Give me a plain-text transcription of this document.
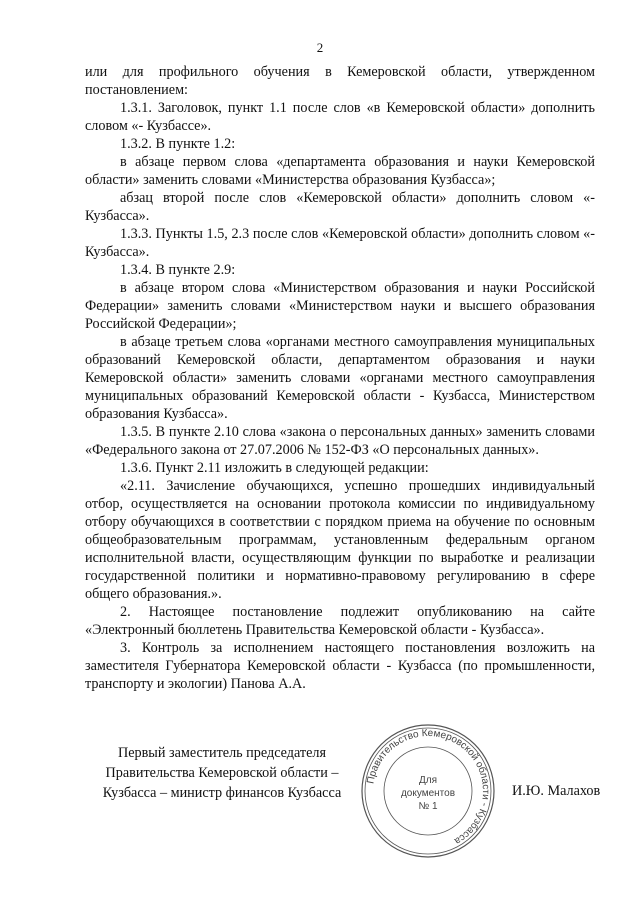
2

или для профильного обучения в Кемеровской области, утвержденном постановлением:

1.3.1. Заголовок, пункт 1.1 после слов «в Кемеровской области» дополнить словом «- Кузбассе».

1.3.2. В пункте 1.2:

в абзаце первом слова «департамента образования и науки Кемеровской области» заменить словами «Министерства образования Кузбасса»;

абзац второй после слов «Кемеровской области» дополнить словом «- Кузбасса».

1.3.3. Пункты 1.5, 2.3 после слов «Кемеровской области» дополнить словом «- Кузбасса».

1.3.4. В пункте 2.9:

в абзаце втором слова «Министерством образования и науки Российской Федерации» заменить словами «Министерством науки и высшего образования Российской Федерации»;

в абзаце третьем слова «органами местного самоуправления муниципальных образований Кемеровской области, департаментом образования и науки Кемеровской области» заменить словами «органами местного самоуправления муниципальных образований Кемеровской области - Кузбасса, Министерством образования Кузбасса».

1.3.5. В пункте 2.10 слова «закона о персональных данных» заменить словами «Федерального закона от 27.07.2006 № 152-ФЗ «О персональных данных».

1.3.6. Пункт 2.11 изложить в следующей редакции:

«2.11. Зачисление обучающихся, успешно прошедших индивидуальный отбор, осуществляется на основании протокола комиссии по индивидуальному отбору обучающихся в соответствии с порядком приема на обучение по основным общеобразовательным программам, установленным федеральным органом исполнительной власти, осуществляющим функции по выработке и реализации государственной политики и нормативно-правовому регулированию в сфере общего образования.».

2. Настоящее постановление подлежит опубликованию на сайте «Электронный бюллетень Правительства Кемеровской области - Кузбасса».

3. Контроль за исполнением настоящего постановления возложить на заместителя Губернатора Кемеровской области - Кузбасса (по промышленности, транспорту и экологии) Панова А.А.

Первый заместитель председателя
Правительства Кемеровской области –
Кузбасса – министр финансов Кузбасса
Правительство Кемеровской области - Кузбасса
Для
документов
№ 1
И.Ю. Малахов
